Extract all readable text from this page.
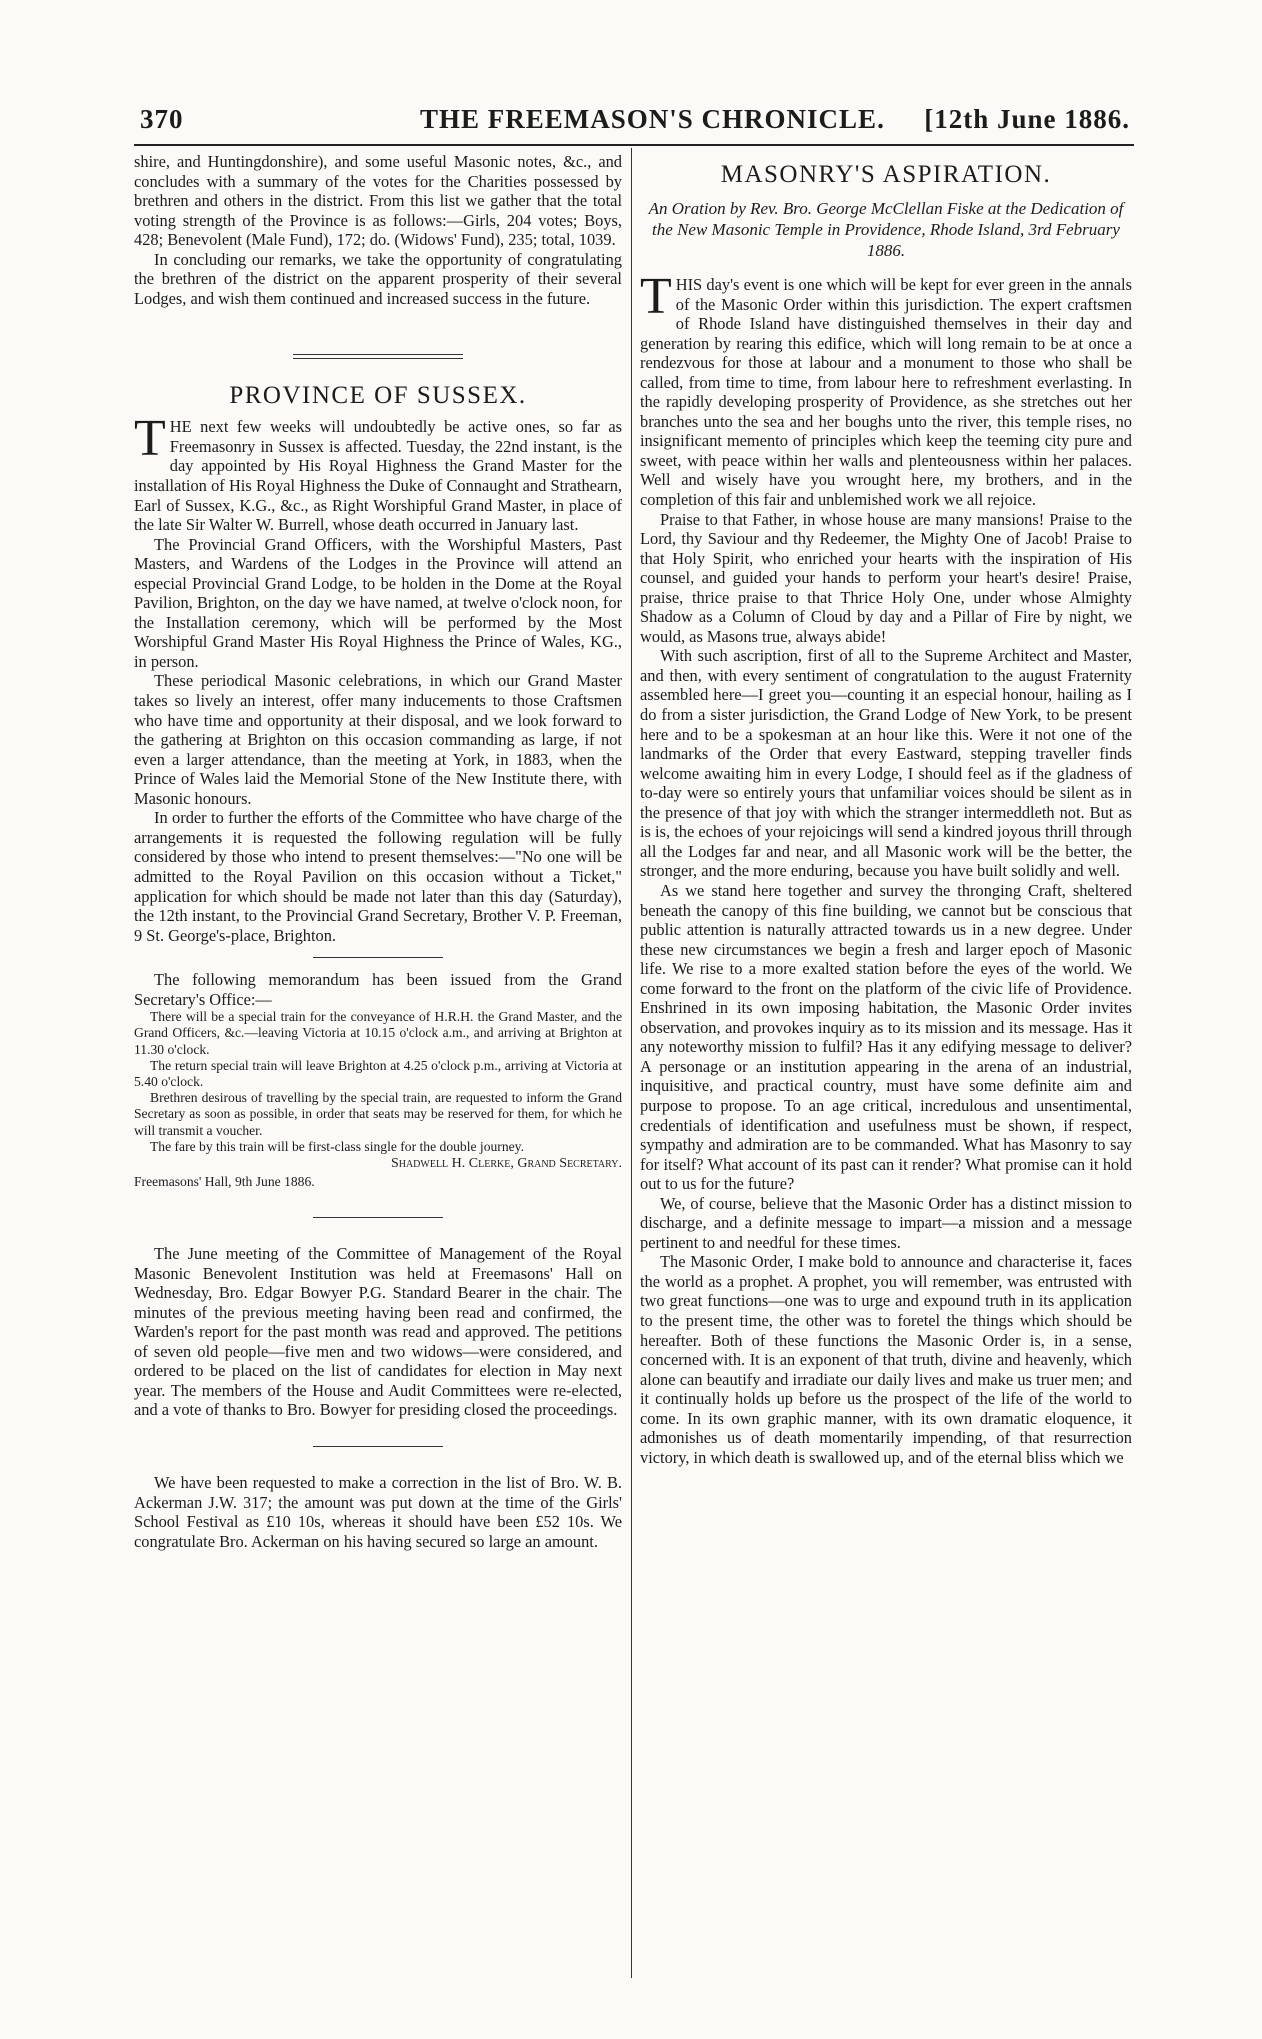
370	THE FREEMASON'S CHRONICLE. [12th June 1886.

shire, and Huntingdonshire), and some useful Masonic notes, &c., and concludes with a summary of the votes for the Charities possessed by brethren and others in the district. From this list we gather that the total voting strength of the Province is as follows:—Girls, 204 votes; Boys, 428; Benevolent (Male Fund), 172; do. (Widows' Fund), 235; total, 1039.

In concluding our remarks, we take the opportunity of congratulating the brethren of the district on the apparent prosperity of their several Lodges, and wish them continued and increased success in the future.

PROVINCE OF SUSSEX.

THE next few weeks will undoubtedly be active ones, so far as Freemasonry in Sussex is affected. Tuesday, the 22nd instant, is the day appointed by His Royal Highness the Grand Master for the installation of His Royal Highness the Duke of Connaught and Strathearn, Earl of Sussex, K.G., &c., as Right Worshipful Grand Master, in place of the late Sir Walter W. Burrell, whose death occurred in January last.

The Provincial Grand Officers, with the Worshipful Masters, Past Masters, and Wardens of the Lodges in the Province will attend an especial Provincial Grand Lodge, to be holden in the Dome at the Royal Pavilion, Brighton, on the day we have named, at twelve o'clock noon, for the Installation ceremony, which will be performed by the Most Worshipful Grand Master His Royal Highness the Prince of Wales, KG., in person.

These periodical Masonic celebrations, in which our Grand Master takes so lively an interest, offer many inducements to those Craftsmen who have time and opportunity at their disposal, and we look forward to the gathering at Brighton on this occasion commanding as large, if not even a larger attendance, than the meeting at York, in 1883, when the Prince of Wales laid the Memorial Stone of the New Institute there, with Masonic honours.

In order to further the efforts of the Committee who have charge of the arrangements it is requested the following regulation will be fully considered by those who intend to present themselves:—"No one will be admitted to the Royal Pavilion on this occasion without a Ticket," application for which should be made not later than this day (Saturday), the 12th instant, to the Provincial Grand Secretary, Brother V. P. Freeman, 9 St. George's-place, Brighton.

The following memorandum has been issued from the Grand Secretary's Office:—

There will be a special train for the conveyance of H.R.H. the Grand Master, and the Grand Officers, &c.—leaving Victoria at 10.15 o'clock a.m., and arriving at Brighton at 11.30 o'clock.

The return special train will leave Brighton at 4.25 o'clock p.m., arriving at Victoria at 5.40 o'clock.

Brethren desirous of travelling by the special train, are requested to inform the Grand Secretary as soon as possible, in order that seats may be reserved for them, for which he will transmit a voucher.

The fare by this train will be first-class single for the double journey.

Shadwell H. Clerke, Grand Secretary.

Freemasons' Hall, 9th June 1886.

The June meeting of the Committee of Management of the Royal Masonic Benevolent Institution was held at Freemasons' Hall on Wednesday, Bro. Edgar Bowyer P.G. Standard Bearer in the chair. The minutes of the previous meeting having been read and confirmed, the Warden's report for the past month was read and approved. The petitions of seven old people—five men and two widows—were considered, and ordered to be placed on the list of candidates for election in May next year. The members of the House and Audit Committees were re-elected, and a vote of thanks to Bro. Bowyer for presiding closed the proceedings.

We have been requested to make a correction in the list of Bro. W. B. Ackerman J.W. 317; the amount was put down at the time of the Girls' School Festival as £10 10s, whereas it should have been £52 10s. We congratulate Bro. Ackerman on his having secured so large an amount.

MASONRY'S ASPIRATION.
An Oration by Rev. Bro. George McClellan Fiske at the Dedication of the New Masonic Temple in Providence, Rhode Island, 3rd February 1886.

THIS day's event is one which will be kept for ever green in the annals of the Masonic Order within this jurisdiction. The expert craftsmen of Rhode Island have distinguished themselves in their day and generation by rearing this edifice, which will long remain to be at once a rendezvous for those at labour and a monument to those who shall be called, from time to time, from labour here to refreshment everlasting. In the rapidly developing prosperity of Providence, as she stretches out her branches unto the sea and her boughs unto the river, this temple rises, no insignificant memento of principles which keep the teeming city pure and sweet, with peace within her walls and plenteousness within her palaces. Well and wisely have you wrought here, my brothers, and in the completion of this fair and unblemished work we all rejoice.

Praise to that Father, in whose house are many mansions! Praise to the Lord, thy Saviour and thy Redeemer, the Mighty One of Jacob! Praise to that Holy Spirit, who enriched your hearts with the inspiration of His counsel, and guided your hands to perform your heart's desire! Praise, praise, thrice praise to that Thrice Holy One, under whose Almighty Shadow as a Column of Cloud by day and a Pillar of Fire by night, we would, as Masons true, always abide!

With such ascription, first of all to the Supreme Architect and Master, and then, with every sentiment of congratulation to the august Fraternity assembled here—I greet you—counting it an especial honour, hailing as I do from a sister jurisdiction, the Grand Lodge of New York, to be present here and to be a spokesman at an hour like this. Were it not one of the landmarks of the Order that every Eastward, stepping traveller finds welcome awaiting him in every Lodge, I should feel as if the gladness of to-day were so entirely yours that unfamiliar voices should be silent as in the presence of that joy with which the stranger intermeddleth not. But as is is, the echoes of your rejoicings will send a kindred joyous thrill through all the Lodges far and near, and all Masonic work will be the better, the stronger, and the more enduring, because you have built solidly and well.

As we stand here together and survey the thronging Craft, sheltered beneath the canopy of this fine building, we cannot but be conscious that public attention is naturally attracted towards us in a new degree. Under these new circumstances we begin a fresh and larger epoch of Masonic life. We rise to a more exalted station before the eyes of the world. We come forward to the front on the platform of the civic life of Providence. Enshrined in its own imposing habitation, the Masonic Order invites observation, and provokes inquiry as to its mission and its message. Has it any noteworthy mission to fulfil? Has it any edifying message to deliver? A personage or an institution appearing in the arena of an industrial, inquisitive, and practical country, must have some definite aim and purpose to propose. To an age critical, incredulous and unsentimental, credentials of identification and usefulness must be shown, if respect, sympathy and admiration are to be commanded. What has Masonry to say for itself? What account of its past can it render? What promise can it hold out to us for the future?

We, of course, believe that the Masonic Order has a distinct mission to discharge, and a definite message to impart—a mission and a message pertinent to and needful for these times.

The Masonic Order, I make bold to announce and characterise it, faces the world as a prophet. A prophet, you will remember, was entrusted with two great functions—one was to urge and expound truth in its application to the present time, the other was to foretel the things which should be hereafter. Both of these functions the Masonic Order is, in a sense, concerned with. It is an exponent of that truth, divine and heavenly, which alone can beautify and irradiate our daily lives and make us truer men; and it continually holds up before us the prospect of the life of the world to come. In its own graphic manner, with its own dramatic eloquence, it admonishes us of death momentarily impending, of that resurrection victory, in which death is swallowed up, and of the eternal bliss which we
